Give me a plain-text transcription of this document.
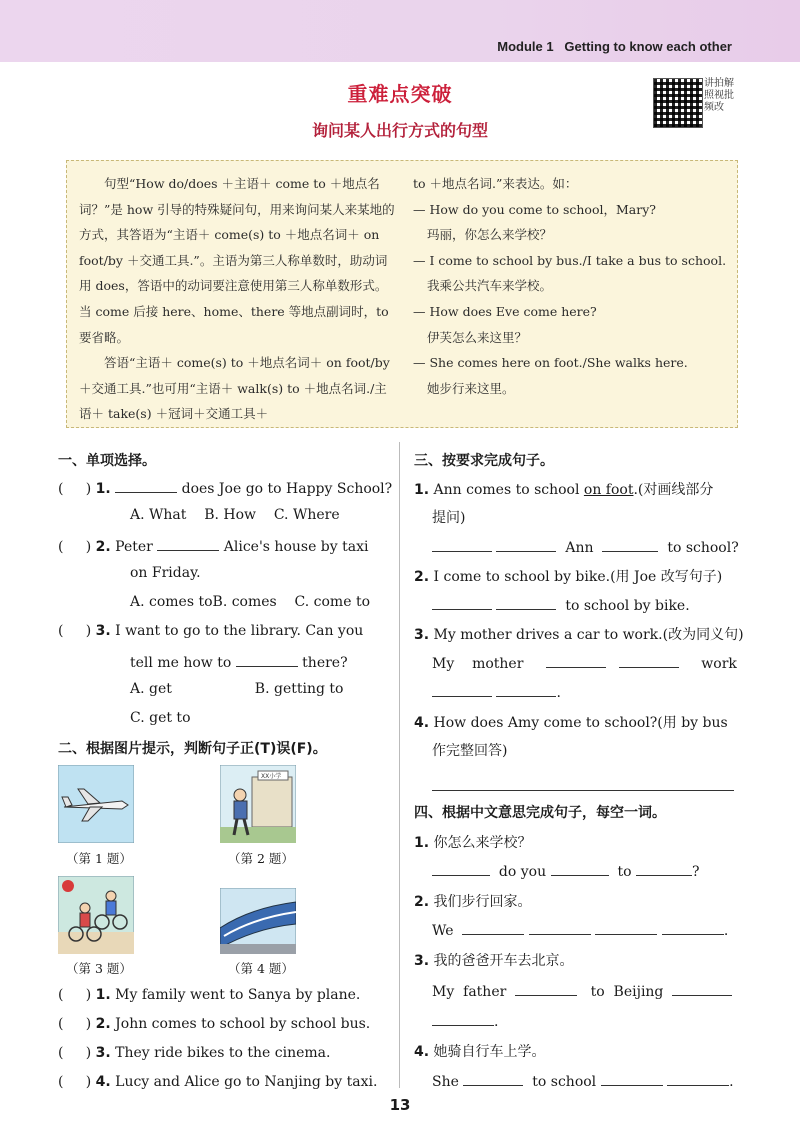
Module 1 Getting to know each other
重难点突破
询问某人出行方式的句型
讲拍解照视批频改
句型“How do/does ＋主语＋ come to ＋地点名词？”是 how 引导的特殊疑问句，用来询问某人来某地的方式，其答语为“主语＋ come(s) to ＋地点名词＋ on foot/by ＋交通工具.”。主语为第三人称单数时，助动词用 does，答语中的动词要注意使用第三人称单数形式。当 come 后接 here、home、there 等地点副词时，to 要省略。
答语“主语＋ come(s) to ＋地点名词＋ on foot/by ＋交通工具.”也可用“主语＋ walk(s) to ＋地点名词./主语＋ take(s) ＋冠词＋交通工具＋
to ＋地点名词.”来表达。如：
— How do you come to school，Mary?
玛丽，你怎么来学校？
— I come to school by bus./I take a bus to school.
我乘公共汽车来学校。
— How does Eve come here?
伊芙怎么来这里？
— She comes here on foot./She walks here.
她步行来这里。
一、单项选择。
(     ) 1.	does Joe go to Happy School?
A. What B. How C. Where
(     ) 2. Peter	Alice's house by taxi
on Friday.
A. comes toB. comes C. come to
(     ) 3. I want to go to the library. Can you
tell me how to	there?
A. get	B. getting to
C. get to
二、根据图片提示，判断句子正(T)误(F)。
（第 1 题）
XX小学
（第 2 题）
（第 3 题）	（第 4 题）
(     ) 1. My family went to Sanya by plane.
(     ) 2. John comes to school by school bus.
(     ) 3. They ride bikes to the cinema.
(     ) 4. Lucy and Alice go to Nanjing by taxi.
三、按要求完成句子。
1. Ann comes to school on foot.(对画线部分
提问)
Ann	to school?
2. I come to school by bike.(用 Joe 改写句子)
to school by bike.
3. My mother drives a car to work.(改为同义句)
My mother	work
.
4. How does Amy come to school?(用 by bus
作完整回答)
四、根据中文意思完成句子，每空一词。
1. 你怎么来学校？
do you	to	?
2. 我们步行回家。
We	.
3. 我的爸爸开车去北京。
My father	to Beijing
.
4. 她骑自行车上学。
She	to school	.
13
